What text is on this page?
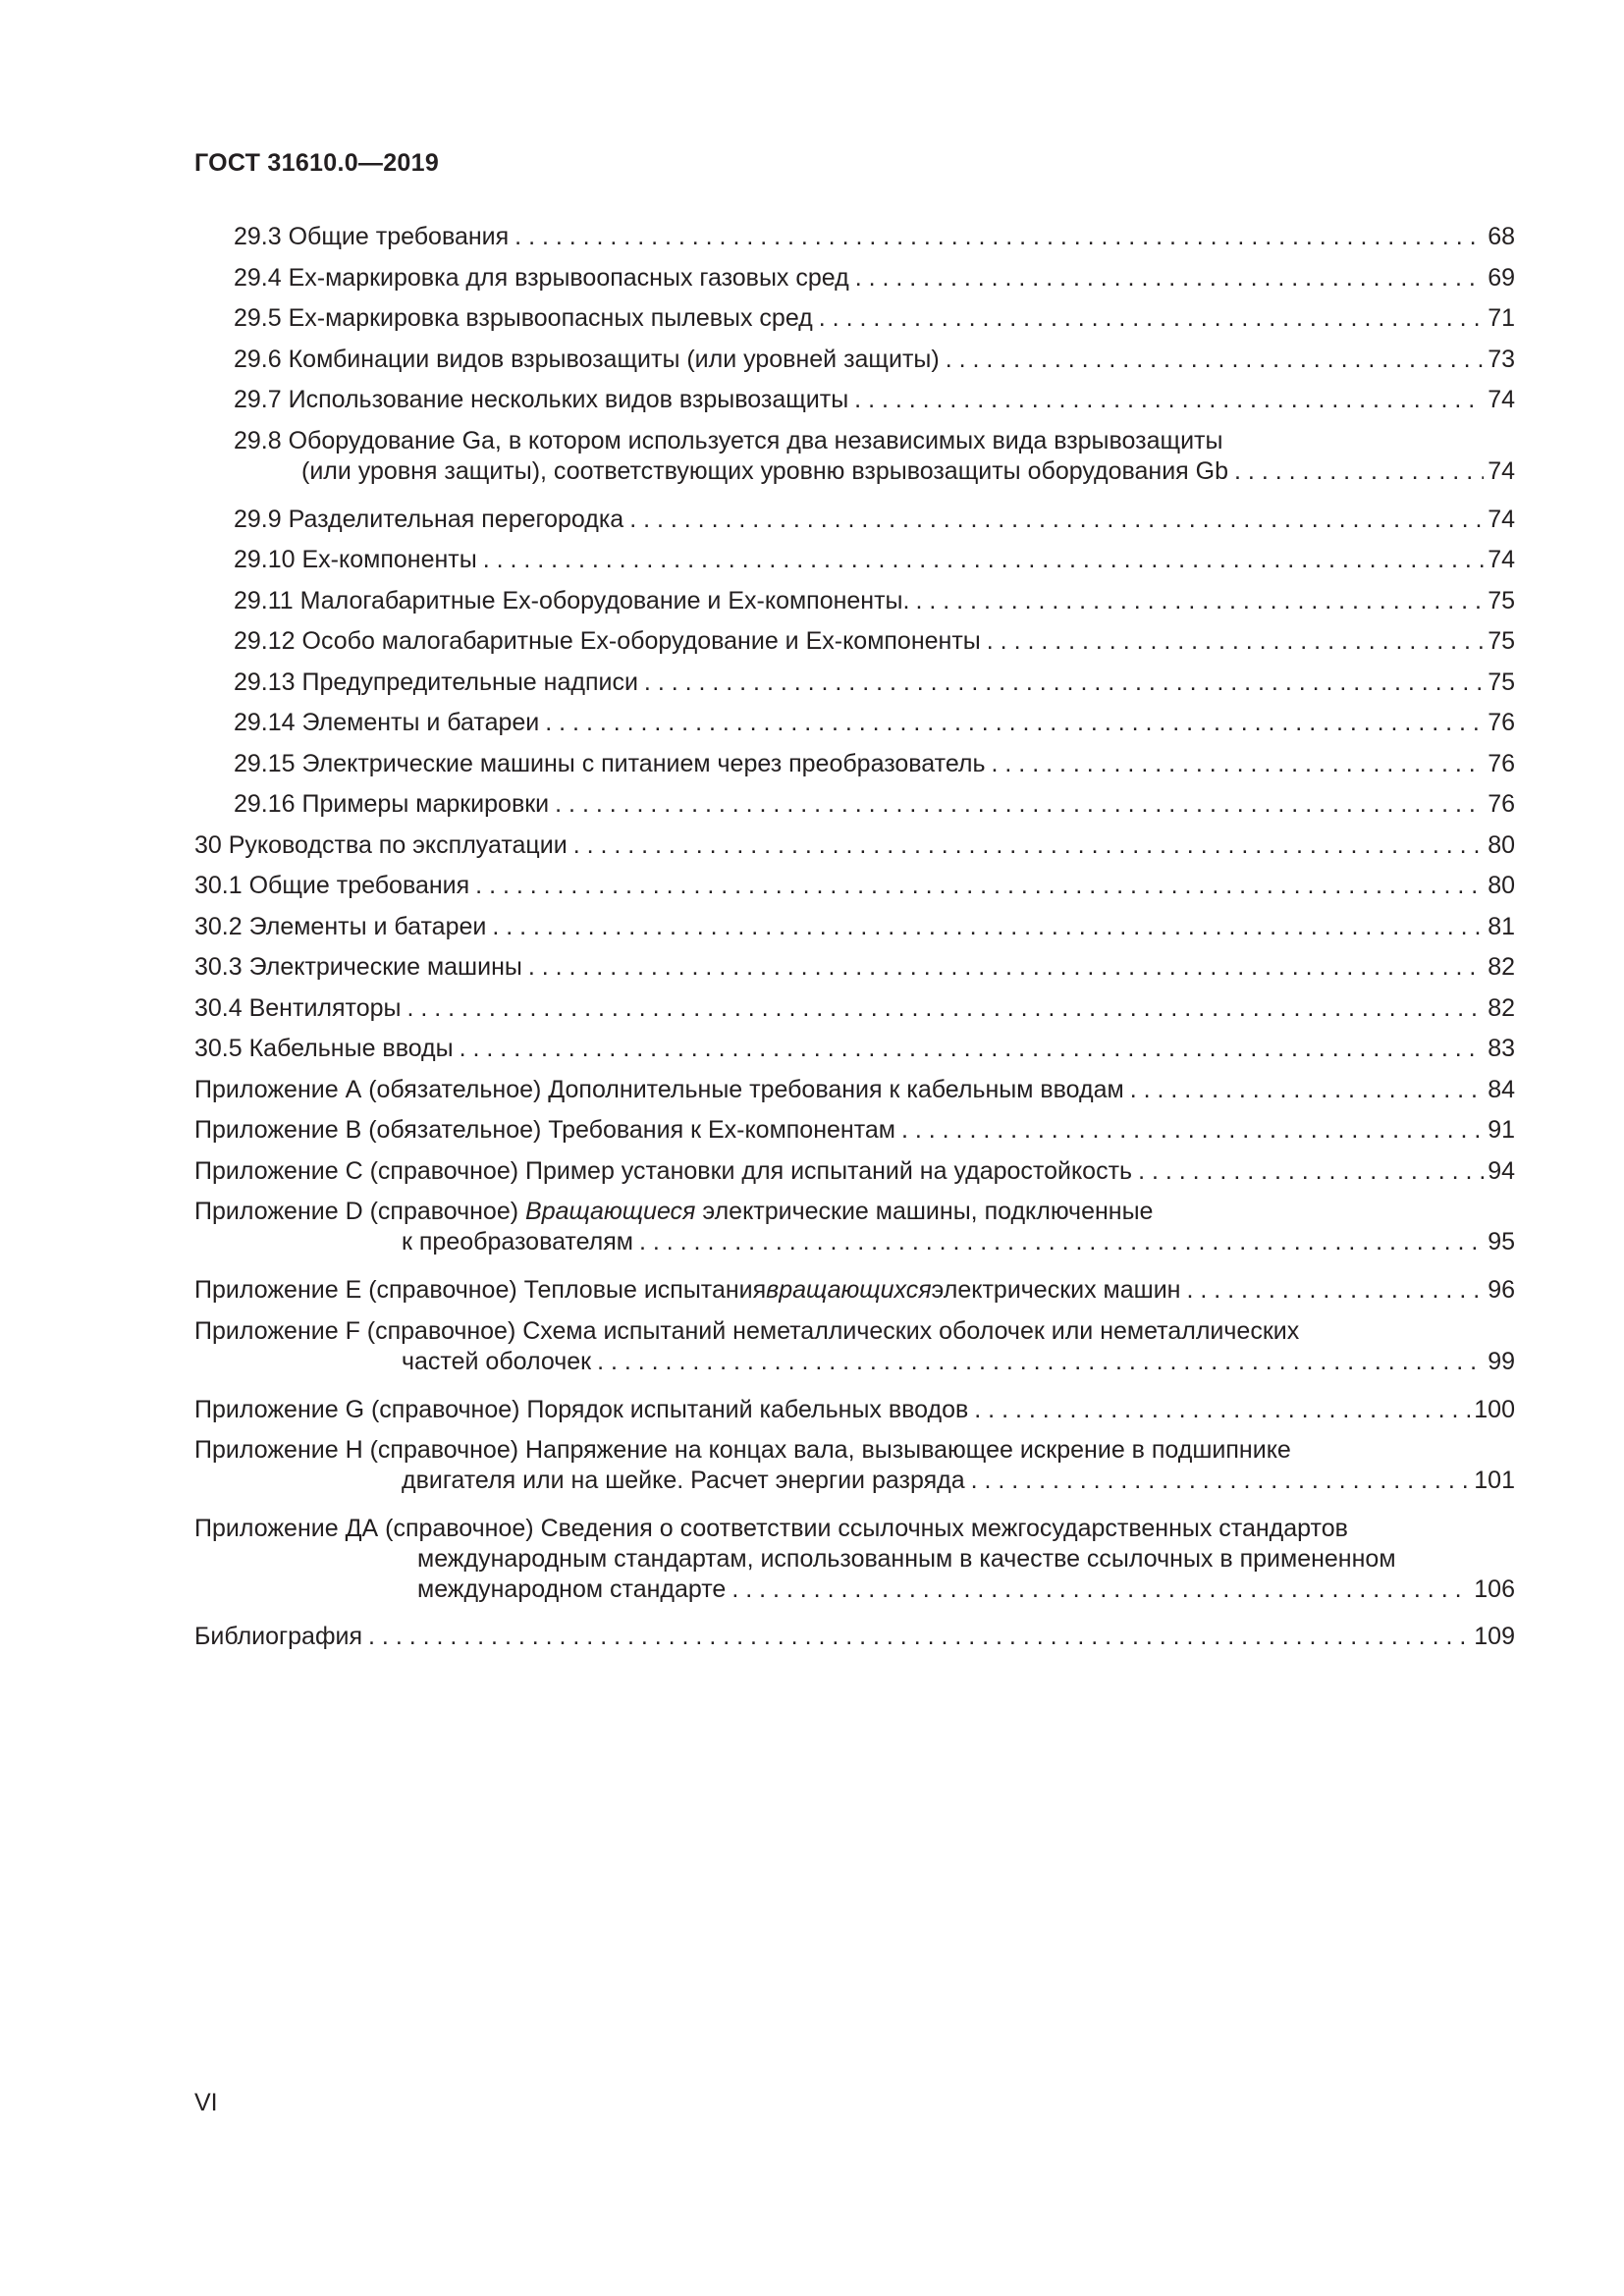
ГОСТ 31610.0—2019
29.3 Общие требования . . .	68
29.4 Ex-маркировка для взрывоопасных газовых сред . . .	69
29.5 Ex-маркировка взрывоопасных пылевых сред . . .	71
29.6 Комбинации видов взрывозащиты (или уровней защиты) . . .	73
29.7 Использование нескольких видов взрывозащиты . . .	74
29.8 Оборудование Ga, в котором используется два независимых вида взрывозащиты
(или уровня защиты), соответствующих уровню взрывозащиты оборудования Gb . . .	74
29.9 Разделительная перегородка . . .	74
29.10 Ex-компоненты . . .	74
29.11 Малогабаритные Ex-оборудование и Ex-компоненты. . . .	75
29.12 Особо малогабаритные Ex-оборудование и Ex-компоненты . . .	75
29.13 Предупредительные надписи . . .	75
29.14 Элементы и батареи . . .	76
29.15 Электрические машины с питанием через преобразователь . . .	76
29.16 Примеры маркировки . . .	76
30 Руководства по эксплуатации . . .	80
30.1 Общие требования . . .	80
30.2 Элементы и батареи . . .	81
30.3 Электрические машины . . .	82
30.4 Вентиляторы . . .	82
30.5 Кабельные вводы . . .	83
Приложение А (обязательное) Дополнительные требования к кабельным вводам . . .	84
Приложение В (обязательное) Требования к Ex-компонентам . . .	91
Приложение С (справочное) Пример установки для испытаний на ударостойкость . . .	94
Приложение D (справочное) Вращающиеся электрические машины, подключенные
к преобразователям . . .	95
Приложение Е (справочное) Тепловые испытания вращающихся электрических машин . . .	96
Приложение F (справочное) Схема испытаний неметаллических оболочек или неметаллических
частей оболочек . . .	99
Приложение G (справочное) Порядок испытаний кабельных вводов . . .	100
Приложение Н (справочное) Напряжение на концах вала, вызывающее искрение в подшипнике
двигателя или на шейке. Расчет энергии разряда . . .	101
Приложение ДА (справочное) Сведения о соответствии ссылочных межгосударственных стандартов
международным стандартам, использованным в качестве ссылочных в примененном
международном стандарте . . .	106
Библиография . . .	109
VI
